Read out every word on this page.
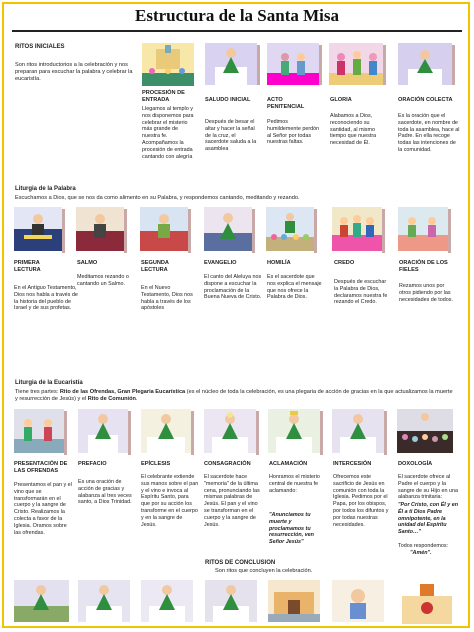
Estructura de la Santa Misa
RITOS INICIALES
Son ritos introductorios a la celebración y nos preparan para escuchar la palabra y celebrar la eucaristía.
PROCESIÓN DE ENTRADA
Llegamos al templo y nos disponemos para celebrar el misterio más grande de nuestra fe. Acompañamos la procesión de entrada cantando con alegría
SALUDO INICIAL
Después de besar el altar y hacer la señal de la cruz, el sacerdote saluda a la asamblea
ACTO PENITENCIAL
Pedimos humildemente perdón al Señor por todas nuestras faltas.
GLORIA
Alabamos a Dios, reconociendo su santidad, al mismo tiempo que nuestra necesidad de Él.
ORACIÓN COLECTA
Es la oración que el sacerdote, en nombre de toda la asamblea, hace al Padre. En ella recoge todas las intenciones de la comunidad.
Liturgia de la Palabra
Escuchamos a Dios, que se nos da como alimento en su Palabra, y respondemos cantando, meditando y rezando.
PRIMERA LECTURA
En el Antiguo Testamento, Dios nos habla a través de la historia del pueblo de Israel y de sus profetas.
SALMO
Meditamos rezando o cantando un Salmo.
SEGUNDA LECTURA
En el Nuevo Testamento, Dios nos habla a través de los apóstoles
EVANGELIO
El canto del Aleluya nos dispone a escuchar la proclamación de la Buena Nueva de Cristo.
HOMILÍA
Es el sacerdote que nos explica el mensaje que nos ofrece la Palabra de Dios.
CREDO
Después de escuchar la Palabra de Dios, declaramos nuestra fe rezando el Credo.
ORACIÓN DE LOS FIELES
Rezamos unos por otros pidiendo por las necesidades de todos.
Liturgia de la Eucaristía
Tiene tres partes: Rito de las Ofrendas, Gran Plegaria Eucarística (es el núcleo de toda la celebración, es una plegaria de acción de gracias en la que actualizamos la muerte y resurrección de Jesús) y el Rito de Comunión.
PRESENTACIÓN DE LAS OFRENDAS
Presentamos el pan y el vino que se transformarán en el cuerpo y la sangre de Cristo. Realizamos la colecta a favor de la Iglesia. Oramos sobre las ofrendas.
PREFACIO
Es una oración de acción de gracias y alabanza al tres veces santo, a Dios Trinidad.
EPÍCLESIS
El celebrante extiende sus manos sobre el pan y el vino e invoca al Espíritu Santo, para que por su acción los transforme en el cuerpo y en la sangre de Jesús.
CONSAGRACIÓN
El sacerdote hace "memoria" de la última cena, pronunciando las mismas palabras de Jesús. El pan y el vino se transforman en el cuerpo y la sangre de Jesús.
ACLAMACIÓN
Honramos el misterio central de nuestra fe aclamando:
"Anunciamos tu muerte y proclamamos tu resurrección, ven Señor Jesús"
INTERCESIÓN
Ofrecemos este sacrificio de Jesús en comunión con toda la Iglesia. Pedimos por el Papa, por los obispos, por todos los difuntos y por todas nuestras necesidades.
DOXOLOGÍA
El sacerdote ofrece al Padre el cuerpo y la sangre de su Hijo en una alabanza trinitaria:
"Por Cristo, con Él y en Él a ti Dios Padre omnipotente, en la unidad del Espíritu Santo…"
Todos respondemos:
"Amén".
RITOS DE CONCLUSION
Son ritos que concluyen la celebración.
